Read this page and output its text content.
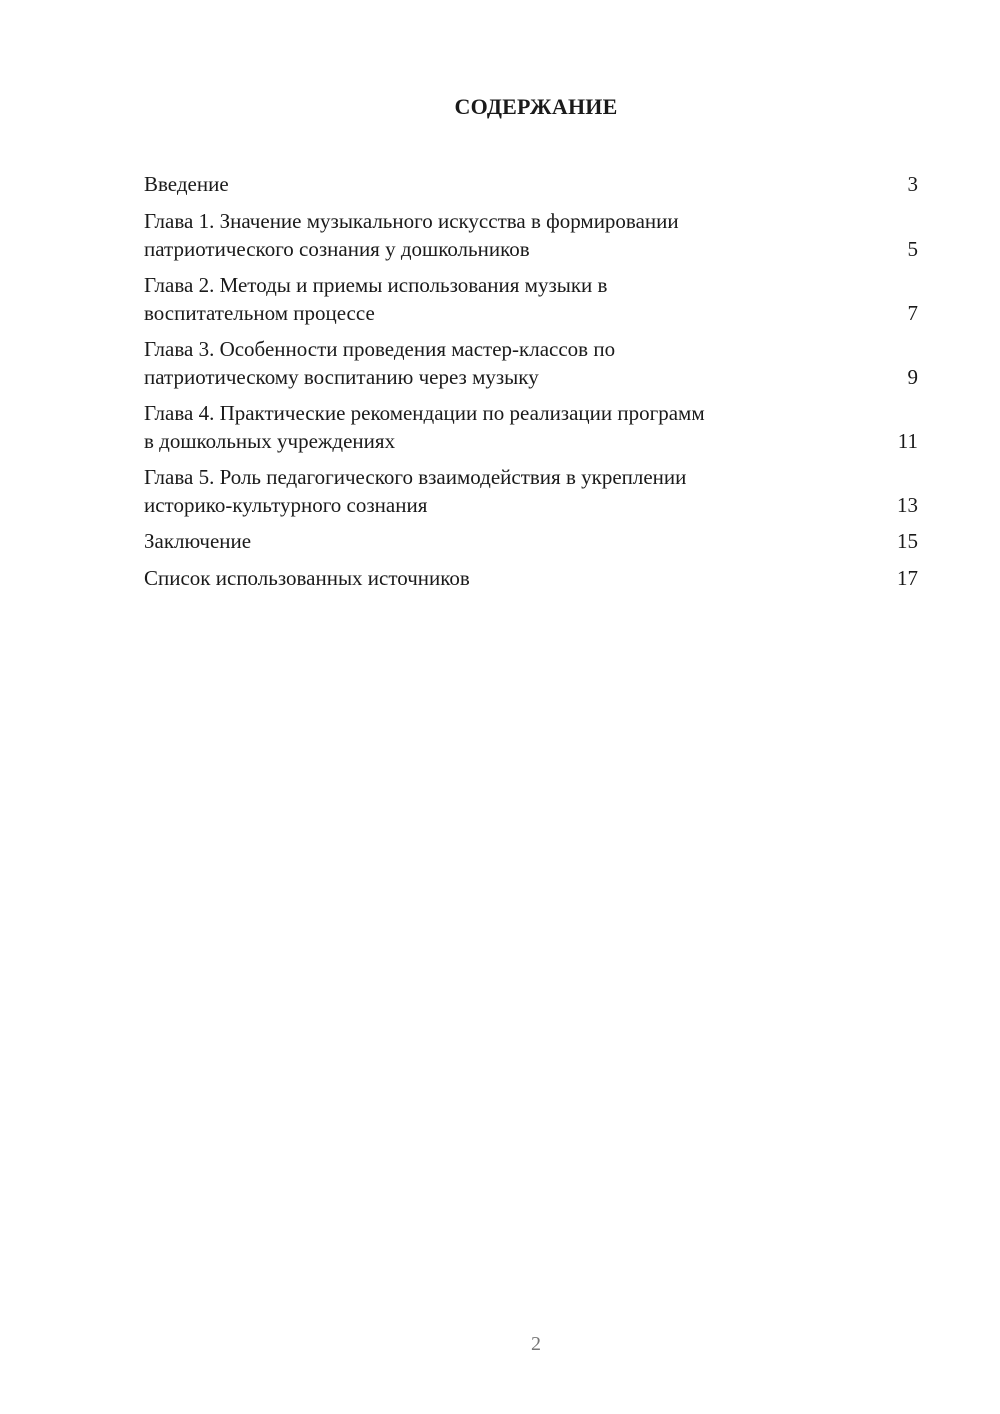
СОДЕРЖАНИЕ
Введение	3
Глава 1. Значение музыкального искусства в формировании
патриотического сознания у дошкольников	5
Глава 2. Методы и приемы использования музыки в
воспитательном процессе	7
Глава 3. Особенности проведения мастер-классов по
патриотическому воспитанию через музыку	9
Глава 4. Практические рекомендации по реализации программ
в дошкольных учреждениях	11
Глава 5. Роль педагогического взаимодействия в укреплении
историко-культурного сознания	13
Заключение	15
Список использованных источников	17
2
